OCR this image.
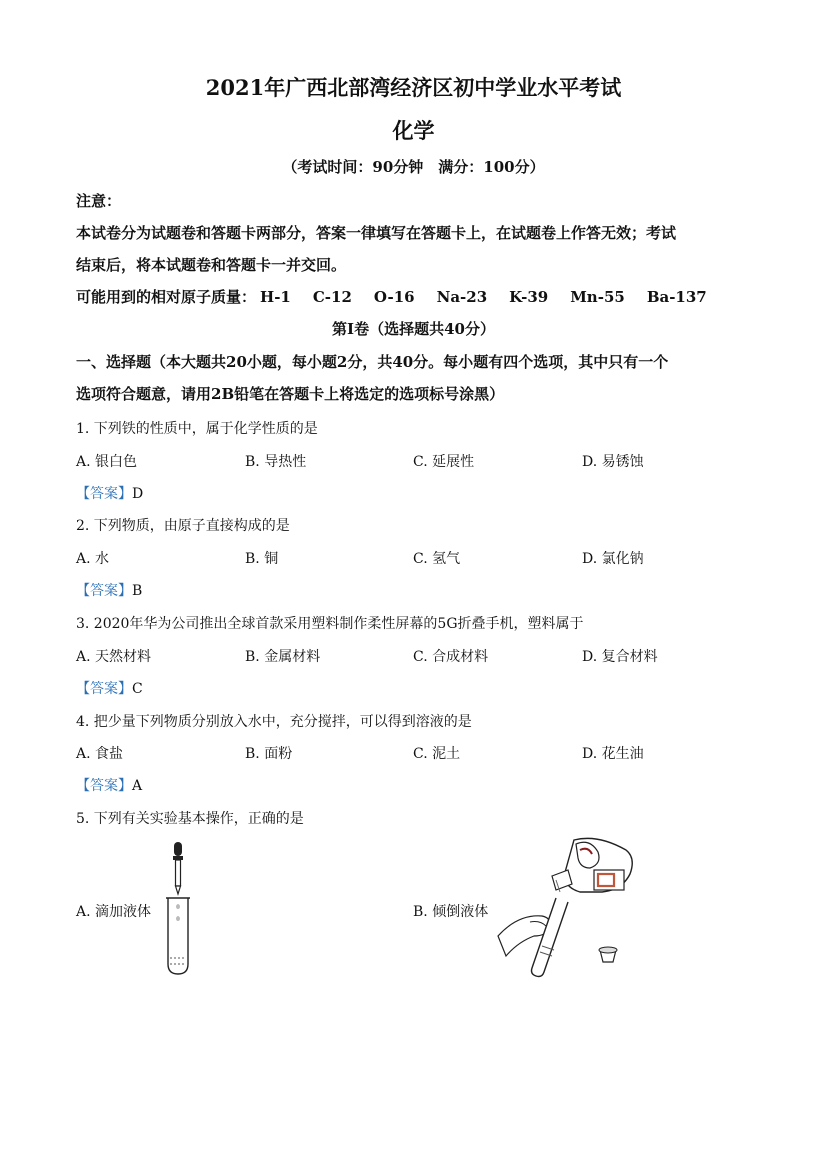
2021年广西北部湾经济区初中学业水平考试
化学
（考试时间：90分钟　满分：100分）
注意：
本试卷分为试题卷和答题卡两部分，答案一律填写在答题卡上，在试题卷上作答无效；考试
结束后，将本试题卷和答题卡一并交回。
可能用到的相对原子质量： H-1 C-12 O-16 Na-23 K-39 Mn-55 Ba-137
第Ⅰ卷（选择题共40分）
一、选择题（本大题共20小题，每小题2分，共40分。每小题有四个选项，其中只有一个
选项符合题意，请用2B铅笔在答题卡上将选定的选项标号涂黑）
1. 下列铁的性质中，属于化学性质的是
A. 银白色	B. 导热性	C. 延展性	D. 易锈蚀
【答案】D
2. 下列物质，由原子直接构成的是
A. 水	B. 铜	C. 氢气	D. 氯化钠
【答案】B
3. 2020年华为公司推出全球首款采用塑料制作柔性屏幕的5G折叠手机，塑料属于
A. 天然材料	B. 金属材料	C. 合成材料	D. 复合材料
【答案】C
4. 把少量下列物质分别放入水中，充分搅拌，可以得到溶液的是
A. 食盐	B. 面粉	C. 泥土	D. 花生油
【答案】A
5. 下列有关实验基本操作，正确的是
A. 滴加液体	B. 倾倒液体
